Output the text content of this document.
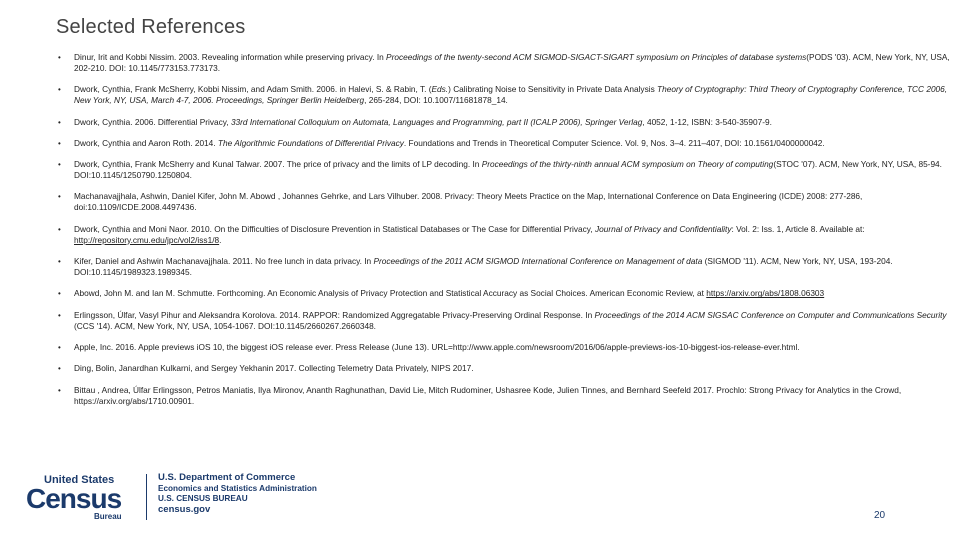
Selected References
• Dinur, Irit and Kobbi Nissim. 2003. Revealing information while preserving privacy. In Proceedings of the twenty-second ACM SIGMOD-SIGACT-SIGART symposium on Principles of database systems(PODS '03). ACM, New York, NY, USA, 202-210. DOI: 10.1145/773153.773173.
• Dwork, Cynthia, Frank McSherry, Kobbi Nissim, and Adam Smith. 2006. in Halevi, S. & Rabin, T. (Eds.) Calibrating Noise to Sensitivity in Private Data Analysis Theory of Cryptography: Third Theory of Cryptography Conference, TCC 2006, New York, NY, USA, March 4-7, 2006. Proceedings, Springer Berlin Heidelberg, 265-284, DOI: 10.1007/11681878_14.
• Dwork, Cynthia. 2006. Differential Privacy, 33rd International Colloquium on Automata, Languages and Programming, part II (ICALP 2006), Springer Verlag, 4052, 1-12, ISBN: 3-540-35907-9.
• Dwork, Cynthia and Aaron Roth. 2014. The Algorithmic Foundations of Differential Privacy. Foundations and Trends in Theoretical Computer Science. Vol. 9, Nos. 3–4. 211–407, DOI: 10.1561/0400000042.
• Dwork, Cynthia, Frank McSherry and Kunal Talwar. 2007. The price of privacy and the limits of LP decoding. In Proceedings of the thirty-ninth annual ACM symposium on Theory of computing(STOC '07). ACM, New York, NY, USA, 85-94. DOI:10.1145/1250790.1250804.
• Machanavajjhala, Ashwin, Daniel Kifer, John M. Abowd , Johannes Gehrke, and Lars Vilhuber. 2008. Privacy: Theory Meets Practice on the Map, International Conference on Data Engineering (ICDE) 2008: 277-286, doi:10.1109/ICDE.2008.4497436.
• Dwork, Cynthia and Moni Naor. 2010. On the Difficulties of Disclosure Prevention in Statistical Databases or The Case for Differential Privacy, Journal of Privacy and Confidentiality: Vol. 2: Iss. 1, Article 8. Available at: http://repository.cmu.edu/jpc/vol2/iss1/8.
• Kifer, Daniel and Ashwin Machanavajjhala. 2011. No free lunch in data privacy. In Proceedings of the 2011 ACM SIGMOD International Conference on Management of data (SIGMOD '11). ACM, New York, NY, USA, 193-204. DOI:10.1145/1989323.1989345.
• Abowd, John M. and Ian M. Schmutte. Forthcoming. An Economic Analysis of Privacy Protection and Statistical Accuracy as Social Choices. American Economic Review, at https://arxiv.org/abs/1808.06303
• Erlingsson, Úlfar, Vasyl Pihur and Aleksandra Korolova. 2014. RAPPOR: Randomized Aggregatable Privacy-Preserving Ordinal Response. In Proceedings of the 2014 ACM SIGSAC Conference on Computer and Communications Security (CCS '14). ACM, New York, NY, USA, 1054-1067. DOI:10.1145/2660267.2660348.
• Apple, Inc. 2016. Apple previews iOS 10, the biggest iOS release ever. Press Release (June 13). URL=http://www.apple.com/newsroom/2016/06/apple-previews-ios-10-biggest-ios-release-ever.html.
• Ding, Bolin, Janardhan Kulkarni, and Sergey Yekhanin 2017. Collecting Telemetry Data Privately, NIPS 2017.
• Bittau , Andrea, Úlfar Erlingsson, Petros Maniatis, Ilya Mironov, Ananth Raghunathan, David Lie, Mitch Rudominer, Ushasree Kode, Julien Tinnes, and Bernhard Seefeld 2017. Prochlo: Strong Privacy for Analytics in the Crowd, https://arxiv.org/abs/1710.00901.
United States
Census
Bureau
U.S. Department of Commerce
Economics and Statistics Administration
U.S. CENSUS BUREAU
census.gov
20
